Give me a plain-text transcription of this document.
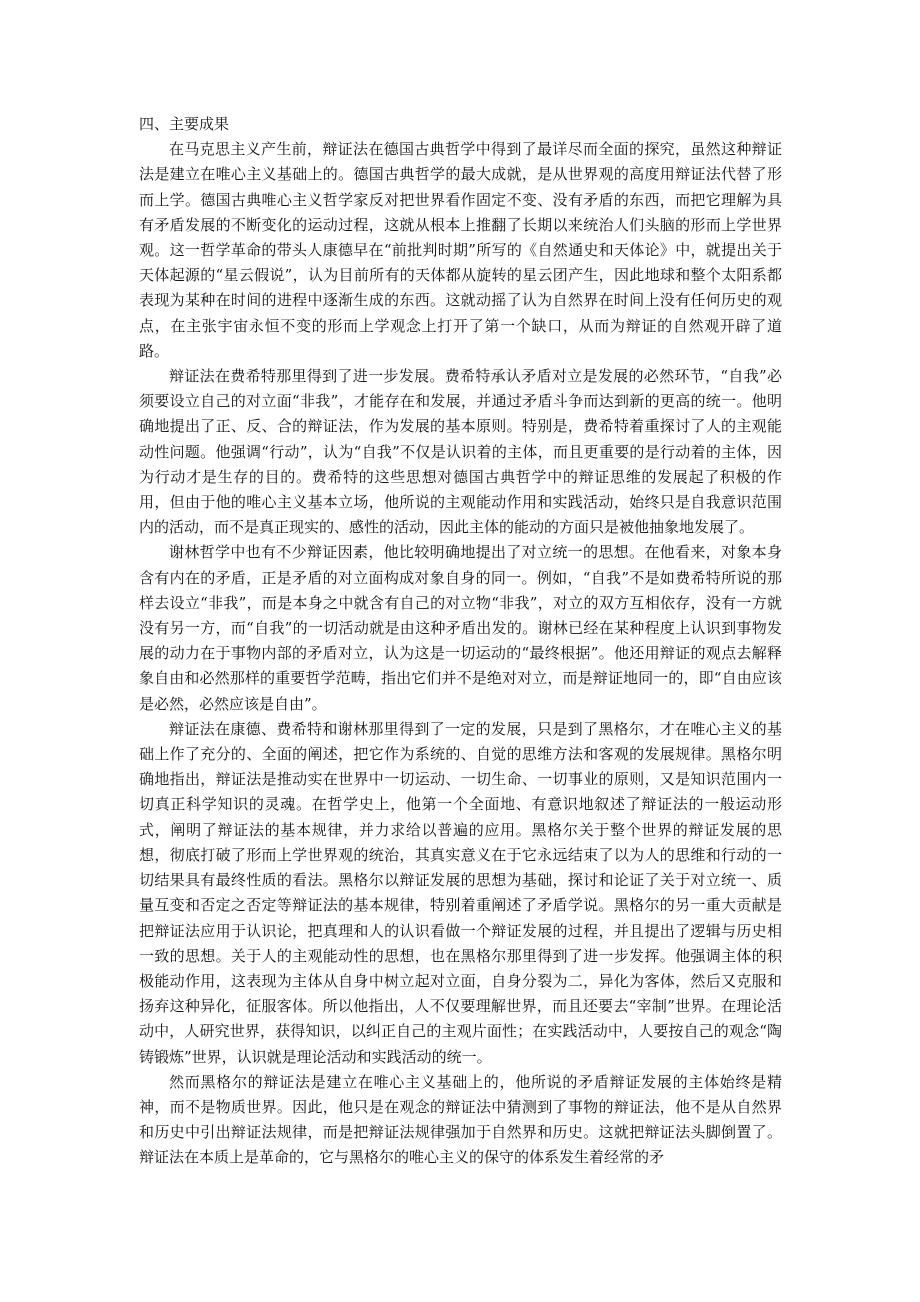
四、主要成果

在马克思主义产生前，辩证法在德国古典哲学中得到了最详尽而全面的探究，虽然这种辩证法是建立在唯心主义基础上的。德国古典哲学的最大成就，是从世界观的高度用辩证法代替了形而上学。德国古典唯心主义哲学家反对把世界看作固定不变、没有矛盾的东西，而把它理解为具有矛盾发展的不断变化的运动过程，这就从根本上推翻了长期以来统治人们头脑的形而上学世界观。这一哲学革命的带头人康德早在“前批判时期”所写的《自然通史和天体论》中，就提出关于天体起源的“星云假说”，认为目前所有的天体都从旋转的星云团产生，因此地球和整个太阳系都表现为某种在时间的进程中逐渐生成的东西。这就动摇了认为自然界在时间上没有任何历史的观点，在主张宇宙永恒不变的形而上学观念上打开了第一个缺口，从而为辩证的自然观开辟了道路。

辩证法在费希特那里得到了进一步发展。费希特承认矛盾对立是发展的必然环节，“自我”必须要设立自己的对立面“非我”，才能存在和发展，并通过矛盾斗争而达到新的更高的统一。他明确地提出了正、反、合的辩证法，作为发展的基本原则。特别是，费希特着重探讨了人的主观能动性问题。他强调“行动”，认为“自我”不仅是认识着的主体，而且更重要的是行动着的主体，因为行动才是生存的目的。费希特的这些思想对德国古典哲学中的辩证思维的发展起了积极的作用，但由于他的唯心主义基本立场，他所说的主观能动作用和实践活动，始终只是自我意识范围内的活动，而不是真正现实的、感性的活动，因此主体的能动的方面只是被他抽象地发展了。

谢林哲学中也有不少辩证因素，他比较明确地提出了对立统一的思想。在他看来，对象本身含有内在的矛盾，正是矛盾的对立面构成对象自身的同一。例如，“自我”不是如费希特所说的那样去设立“非我”，而是本身之中就含有自己的对立物“非我”，对立的双方互相依存，没有一方就没有另一方，而“自我”的一切活动就是由这种矛盾出发的。谢林已经在某种程度上认识到事物发展的动力在于事物内部的矛盾对立，认为这是一切运动的“最终根据”。他还用辩证的观点去解释象自由和必然那样的重要哲学范畴，指出它们并不是绝对对立，而是辩证地同一的，即“自由应该是必然，必然应该是自由”。

辩证法在康德、费希特和谢林那里得到了一定的发展，只是到了黑格尔，才在唯心主义的基础上作了充分的、全面的阐述，把它作为系统的、自觉的思维方法和客观的发展规律。黑格尔明确地指出，辩证法是推动实在世界中一切运动、一切生命、一切事业的原则，又是知识范围内一切真正科学知识的灵魂。在哲学史上，他第一个全面地、有意识地叙述了辩证法的一般运动形式，阐明了辩证法的基本规律，并力求给以普遍的应用。黑格尔关于整个世界的辩证发展的思想，彻底打破了形而上学世界观的统治，其真实意义在于它永远结束了以为人的思维和行动的一切结果具有最终性质的看法。黑格尔以辩证发展的思想为基础，探讨和论证了关于对立统一、质量互变和否定之否定等辩证法的基本规律，特别着重阐述了矛盾学说。黑格尔的另一重大贡献是把辩证法应用于认识论，把真理和人的认识看做一个辩证发展的过程，并且提出了逻辑与历史相一致的思想。关于人的主观能动性的思想，也在黑格尔那里得到了进一步发挥。他强调主体的积极能动作用，这表现为主体从自身中树立起对立面，自身分裂为二，异化为客体，然后又克服和扬弃这种异化，征服客体。所以他指出，人不仅要理解世界，而且还要去“宰制”世界。在理论活动中，人研究世界，获得知识，以纠正自己的主观片面性；在实践活动中，人要按自己的观念“陶铸锻炼”世界，认识就是理论活动和实践活动的统一。

然而黑格尔的辩证法是建立在唯心主义基础上的，他所说的矛盾辩证发展的主体始终是精神，而不是物质世界。因此，他只是在观念的辩证法中猜测到了事物的辩证法，他不是从自然界和历史中引出辩证法规律，而是把辩证法规律强加于自然界和历史。这就把辩证法头脚倒置了。辩证法在本质上是革命的，它与黑格尔的唯心主义的保守的体系发生着经常的矛
